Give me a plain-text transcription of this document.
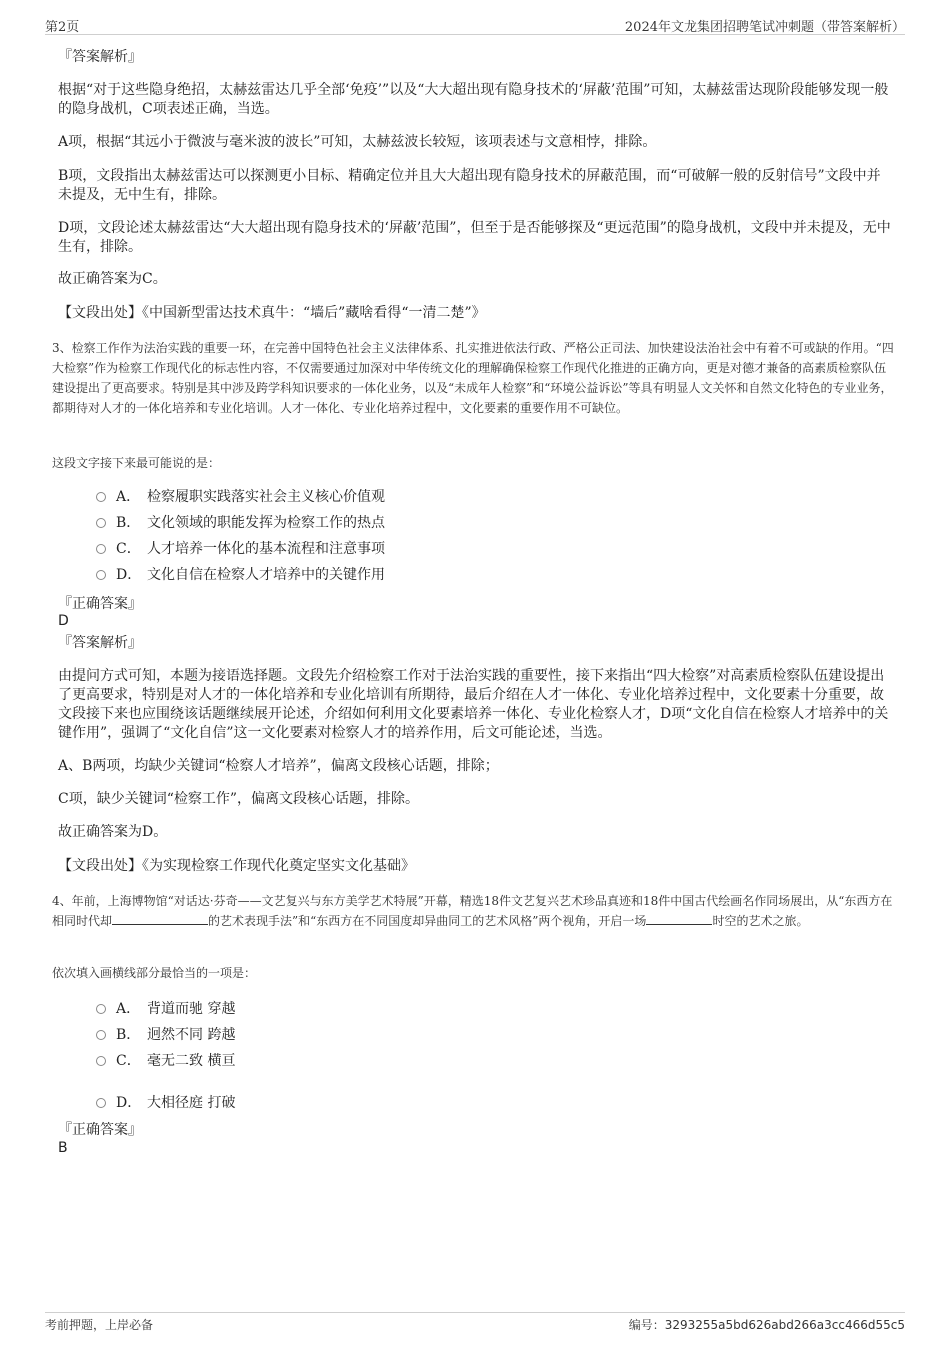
第2页	2024年文龙集团招聘笔试冲刺题（带答案解析）
『答案解析』

根据“对于这些隐身绝招，太赫兹雷达几乎全部‘免疫’”以及“大大超出现有隐身技术的‘屏蔽’范围”可知，太赫兹雷达现阶段能够发现一般的隐身战机，C项表述正确，当选。

A项，根据“其远小于微波与毫米波的波长”可知，太赫兹波长较短，该项表述与文意相悖，排除。

B项，文段指出太赫兹雷达可以探测更小目标、精确定位并且大大超出现有隐身技术的屏蔽范围，而“可破解一般的反射信号”文段中并未提及，无中生有，排除。

D项，文段论述太赫兹雷达“大大超出现有隐身技术的‘屏蔽’范围”，但至于是否能够探及“更远范围”的隐身战机，文段中并未提及，无中生有，排除。

故正确答案为C。

【文段出处】《中国新型雷达技术真牛：“墙后”藏啥看得“一清二楚”》

3、检察工作作为法治实践的重要一环，在完善中国特色社会主义法律体系、扎实推进依法行政、严格公正司法、加快建设法治社会中有着不可或缺的作用。“四大检察”作为检察工作现代化的标志性内容，不仅需要通过加深对中华传统文化的理解确保检察工作现代化推进的正确方向，更是对德才兼备的高素质检察队伍建设提出了更高要求。特别是其中涉及跨学科知识要求的一体化业务，以及“未成年人检察”和“环境公益诉讼”等具有明显人文关怀和自然文化特色的专业业务，都期待对人才的一体化培养和专业化培训。人才一体化、专业化培养过程中，文化要素的重要作用不可缺位。

这段文字接下来最可能说的是：

A． 检察履职实践落实社会主义核心价值观
B． 文化领域的职能发挥为检察工作的热点
C． 人才培养一体化的基本流程和注意事项
D． 文化自信在检察人才培养中的关键作用
『正确答案』
D
『答案解析』

由提问方式可知，本题为接语选择题。文段先介绍检察工作对于法治实践的重要性，接下来指出“四大检察”对高素质检察队伍建设提出了更高要求，特别是对人才的一体化培养和专业化培训有所期待，最后介绍在人才一体化、专业化培养过程中，文化要素十分重要，故文段接下来也应围绕该话题继续展开论述，介绍如何利用文化要素培养一体化、专业化检察人才，D项“文化自信在检察人才培养中的关键作用”，强调了“文化自信”这一文化要素对检察人才的培养作用，后文可能论述，当选。

A、B两项，均缺少关键词“检察人才培养”，偏离文段核心话题，排除；

C项，缺少关键词“检察工作”，偏离文段核心话题，排除。

故正确答案为D。

【文段出处】《为实现检察工作现代化奠定坚实文化基础》

4、年前，上海博物馆“对话达·芬奇——文艺复兴与东方美学艺术特展”开幕，精选18件文艺复兴艺术珍品真迹和18件中国古代绘画名作同场展出，从“东西方在相同时代却	的艺术表现手法”和“东西方在不同国度却异曲同工的艺术风格”两个视角，开启一场	时空的艺术之旅。

依次填入画横线部分最恰当的一项是：

A． 背道而驰 穿越
B． 迥然不同 跨越
C． 毫无二致 横亘
D． 大相径庭 打破
『正确答案』
B
考前押题，上岸必备	编号：3293255a5bd626abd266a3cc466d55c5
